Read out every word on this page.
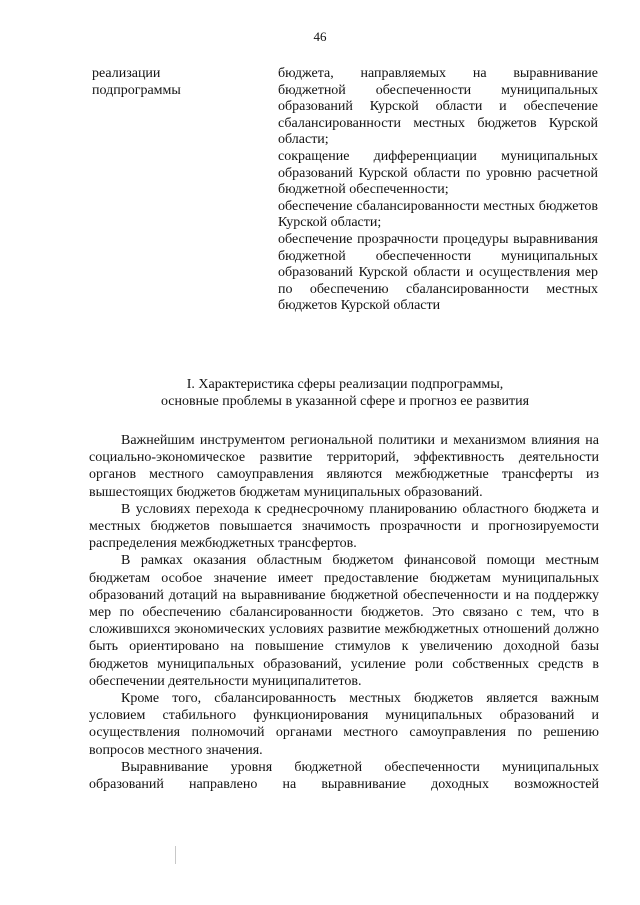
46
реализации подпрограммы

бюджета, направляемых на выравнивание бюджетной обеспеченности муниципальных образований Курской области и обеспечение сбалансированности местных бюджетов Курской области;

сокращение дифференциации муниципальных образований Курской области по уровню расчетной бюджетной обеспеченности;

обеспечение сбалансированности местных бюджетов Курской области;

обеспечение прозрачности процедуры выравнивания бюджетной обеспеченности муниципальных образований Курской области и осуществления мер по обеспечению сбалансированности местных бюджетов Курской области

I. Характеристика сферы реализации подпрограммы,
основные проблемы в указанной сфере и прогноз ее развития

Важнейшим инструментом региональной политики и механизмом влияния на социально-экономическое развитие территорий, эффективность деятельности органов местного самоуправления являются межбюджетные трансферты из вышестоящих бюджетов бюджетам муниципальных образований.

В условиях перехода к среднесрочному планированию областного бюджета и местных бюджетов повышается значимость прозрачности и прогнозируемости распределения межбюджетных трансфертов.

В рамках оказания областным бюджетом финансовой помощи местным бюджетам особое значение имеет предоставление бюджетам муниципальных образований дотаций на выравнивание бюджетной обеспеченности и на поддержку мер по обеспечению сбалансированности бюджетов. Это связано с тем, что в сложившихся экономических условиях развитие межбюджетных отношений должно быть ориентировано на повышение стимулов к увеличению доходной базы бюджетов муниципальных образований, усиление роли собственных средств в обеспечении деятельности муниципалитетов.

Кроме того, сбалансированность местных бюджетов является важным условием стабильного функционирования муниципальных образований и осуществления полномочий органами местного самоуправления по решению вопросов местного значения.

Выравнивание уровня бюджетной обеспеченности муниципальных образований направлено на выравнивание доходных возможностей
